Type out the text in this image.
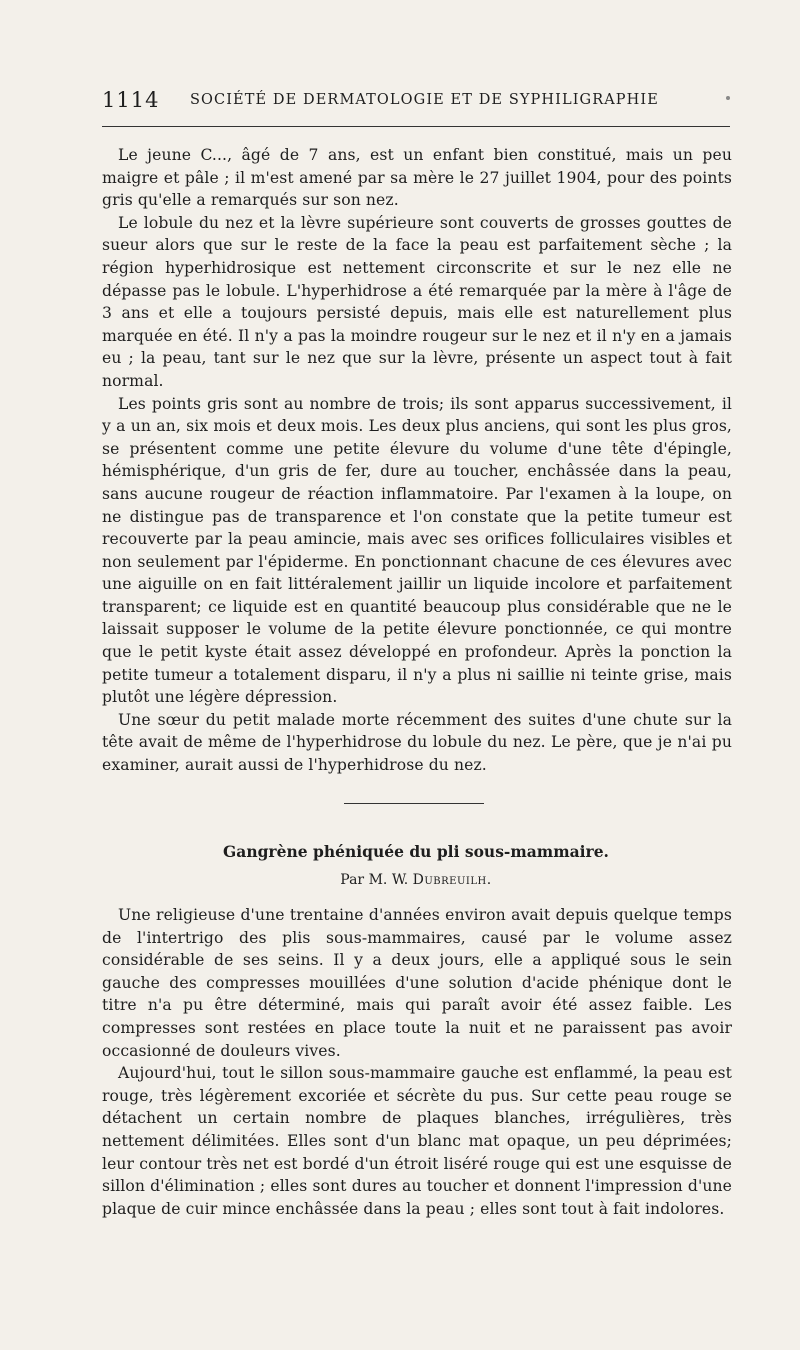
1114 SOCIÉTÉ DE DERMATOLOGIE ET DE SYPHILIGRAPHIE

Le jeune C..., âgé de 7 ans, est un enfant bien constitué, mais un peu maigre et pâle ; il m'est amené par sa mère le 27 juillet 1904, pour des points gris qu'elle a remarqués sur son nez.

Le lobule du nez et la lèvre supérieure sont couverts de grosses gouttes de sueur alors que sur le reste de la face la peau est parfaitement sèche ; la région hyperhidrosique est nettement circonscrite et sur le nez elle ne dépasse pas le lobule. L'hyperhidrose a été remarquée par la mère à l'âge de 3 ans et elle a toujours persisté depuis, mais elle est naturellement plus marquée en été. Il n'y a pas la moindre rougeur sur le nez et il n'y en a jamais eu ; la peau, tant sur le nez que sur la lèvre, présente un aspect tout à fait normal.

Les points gris sont au nombre de trois; ils sont apparus successivement, il y a un an, six mois et deux mois. Les deux plus anciens, qui sont les plus gros, se présentent comme une petite élevure du volume d'une tête d'épingle, hémisphérique, d'un gris de fer, dure au toucher, enchâssée dans la peau, sans aucune rougeur de réaction inflammatoire. Par l'examen à la loupe, on ne distingue pas de transparence et l'on constate que la petite tumeur est recouverte par la peau amincie, mais avec ses orifices folliculaires visibles et non seulement par l'épiderme. En ponctionnant chacune de ces élevures avec une aiguille on en fait littéralement jaillir un liquide incolore et parfaitement transparent; ce liquide est en quantité beaucoup plus considérable que ne le laissait supposer le volume de la petite élevure ponctionnée, ce qui montre que le petit kyste était assez développé en profondeur. Après la ponction la petite tumeur a totalement disparu, il n'y a plus ni saillie ni teinte grise, mais plutôt une légère dépression.

Une sœur du petit malade morte récemment des suites d'une chute sur la tête avait de même de l'hyperhidrose du lobule du nez. Le père, que je n'ai pu examiner, aurait aussi de l'hyperhidrose du nez.

Gangrène phéniquée du pli sous-mammaire.
Par M. W. Dubreuilh.

Une religieuse d'une trentaine d'années environ avait depuis quelque temps de l'intertrigo des plis sous-mammaires, causé par le volume assez considérable de ses seins. Il y a deux jours, elle a appliqué sous le sein gauche des compresses mouillées d'une solution d'acide phénique dont le titre n'a pu être déterminé, mais qui paraît avoir été assez faible. Les compresses sont restées en place toute la nuit et ne paraissent pas avoir occasionné de douleurs vives.

Aujourd'hui, tout le sillon sous-mammaire gauche est enflammé, la peau est rouge, très légèrement excoriée et sécrète du pus. Sur cette peau rouge se détachent un certain nombre de plaques blanches, irrégulières, très nettement délimitées. Elles sont d'un blanc mat opaque, un peu déprimées; leur contour très net est bordé d'un étroit liséré rouge qui est une esquisse de sillon d'élimination ; elles sont dures au toucher et donnent l'impression d'une plaque de cuir mince enchâssée dans la peau ; elles sont tout à fait indolores.
